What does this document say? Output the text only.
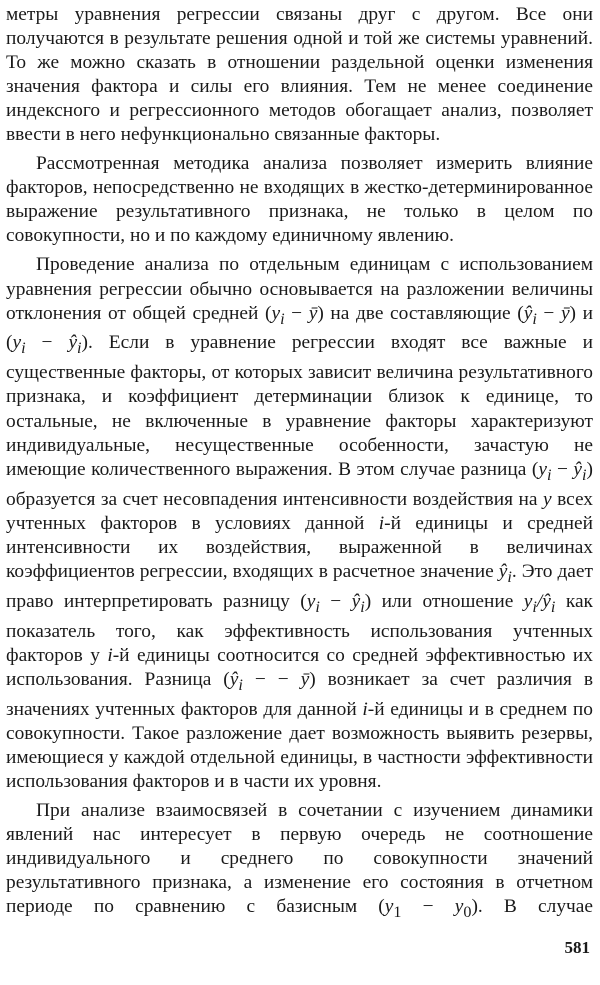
метры уравнения регрессии связаны друг с другом. Все они получаются в результате решения одной и той же системы уравнений. То же можно сказать в отношении раздельной оценки изменения значения фактора и силы его влияния. Тем не менее соединение индексного и регрессионного методов обогащает анализ, позволяет ввести в него нефункционально связанные факторы.

Рассмотренная методика анализа позволяет измерить влияние факторов, непосредственно не входящих в жестко-детерминированное выражение результативного признака, не только в целом по совокупности, но и по каждому единичному явлению.

Проведение анализа по отдельным единицам с использованием уравнения регрессии обычно основывается на разложении величины отклонения от общей средней ($y_i$ − ȳ) на две составляющие ($ŷ_i$ − ȳ) и ($y_i$ − $ŷ_i$). Если в уравнение регрессии входят все важные и существенные факторы, от которых зависит величина результативного признака, и коэффициент детерминации близок к единице, то остальные, не включенные в уравнение факторы характеризуют индивидуальные, несущественные особенности, зачастую не имеющие количественного выражения. В этом случае разница ($y_i$ − $ŷ_i$) образуется за счет несовпадения интенсивности воздействия на y всех учтенных факторов в условиях данной i-й единицы и средней интенсивности их воздействия, выраженной в величинах коэффициентов регрессии, входящих в расчетное значение $ŷ_i$. Это дает право интерпретировать разницу ($y_i$ − $ŷ_i$) или отношение $y_i/ŷ_i$ как показатель того, как эффективность использования учтенных факторов у i-й единицы соотносится со средней эффективностью их использования. Разница ($ŷ_i$ − − ȳ) возникает за счет различия в значениях учтенных факторов для данной i-й единицы и в среднем по совокупности. Такое разложение дает возможность выявить резервы, имеющиеся у каждой отдельной единицы, в частности эффективности использования факторов и в части их уровня.

При анализе взаимосвязей в сочетании с изучением динамики явлений нас интересует в первую очередь не соотношение индивидуального и среднего по совокупности значений результативного признака, а изменение его состояния в отчетном периоде по сравнению с базисным $(y_1 - y_0)$. В случае

581
